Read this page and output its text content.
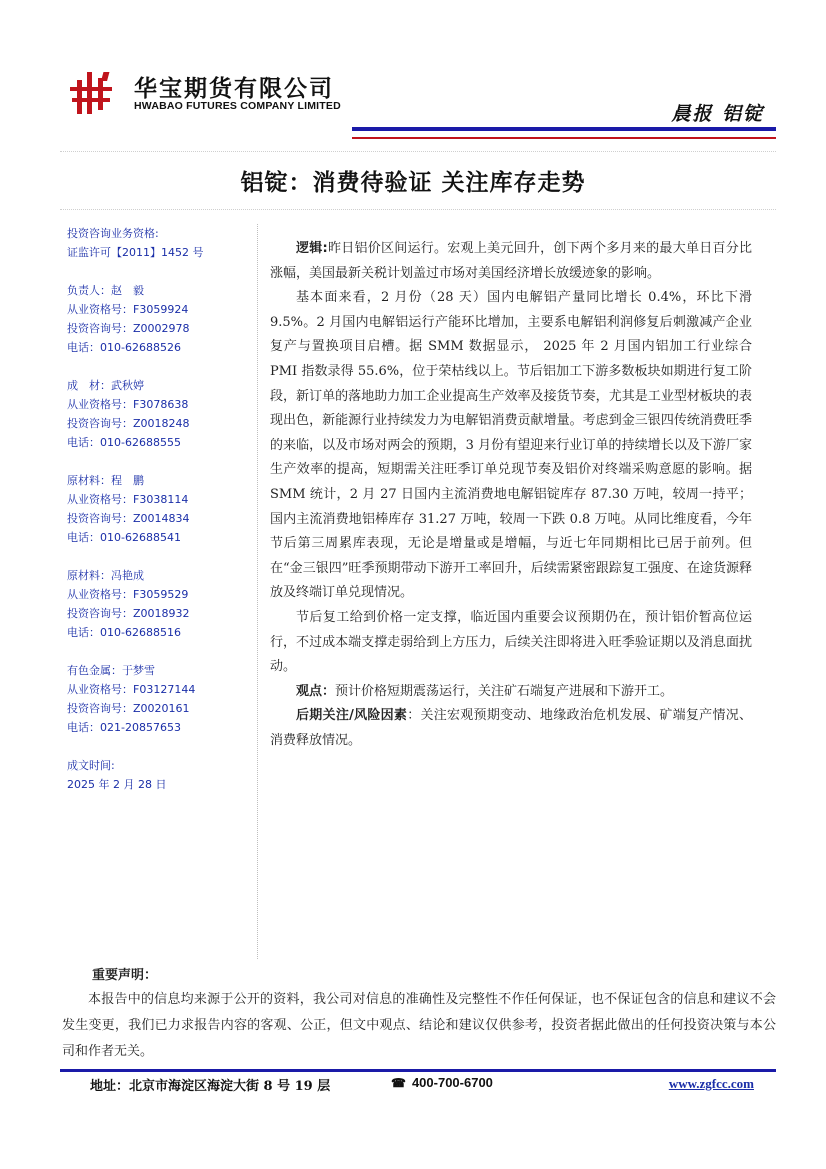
华宝期货有限公司
HWABAO FUTURES COMPANY LIMITED	晨报 铝锭
铝锭：消费待验证 关注库存走势
投资咨询业务资格:
证监许可【2011】1452 号
负责人：赵　毅
从业资格号：F3059924
投资咨询号：Z0002978
电话：010-62688526
成　材：武秋婷
从业资格号：F3078638
投资咨询号：Z0018248
电话：010-62688555
原材料：程　鹏
从业资格号：F3038114
投资咨询号：Z0014834
电话：010-62688541
原材料：冯艳成
从业资格号：F3059529
投资咨询号：Z0018932
电话：010-62688516
有色金属：于梦雪
从业资格号：F03127144
投资咨询号：Z0020161
电话：021-20857653
成文时间:
2025 年 2 月 28 日

逻辑:昨日铝价区间运行。宏观上美元回升，创下两个多月来的最大单日百分比涨幅，美国最新关税计划盖过市场对美国经济增长放缓迹象的影响。

基本面来看，2 月份（28 天）国内电解铝产量同比增长 0.4%，环比下滑 9.5%。2 月国内电解铝运行产能环比增加，主要系电解铝利润修复后刺激减产企业复产与置换项目启槽。据 SMM 数据显示， 2025 年 2 月国内铝加工行业综合 PMI 指数录得 55.6%，位于荣枯线以上。节后铝加工下游多数板块如期进行复工阶段，新订单的落地助力加工企业提高生产效率及接货节奏，尤其是工业型材板块的表现出色，新能源行业持续发力为电解铝消费贡献增量。考虑到金三银四传统消费旺季的来临，以及市场对两会的预期，3 月份有望迎来行业订单的持续增长以及下游厂家生产效率的提高，短期需关注旺季订单兑现节奏及铝价对终端采购意愿的影响。据 SMM 统计，2 月 27 日国内主流消费地电解铝锭库存 87.30 万吨，较周一持平；国内主流消费地铝棒库存 31.27 万吨，较周一下跌 0.8 万吨。从同比维度看，今年节后第三周累库表现，无论是增量或是增幅，与近七年同期相比已居于前列。但在“金三银四”旺季预期带动下游开工率回升，后续需紧密跟踪复工强度、在途货源释放及终端订单兑现情况。

节后复工给到价格一定支撑，临近国内重要会议预期仍在，预计铝价暂高位运行，不过成本端支撑走弱给到上方压力，后续关注即将进入旺季验证期以及消息面扰动。

观点：预计价格短期震荡运行，关注矿石端复产进展和下游开工。

后期关注/风险因素：关注宏观预期变动、地缘政治危机发展、矿端复产情况、消费释放情况。

重要声明：
本报告中的信息均来源于公开的资料，我公司对信息的准确性及完整性不作任何保证，也不保证包含的信息和建议不会发生变更，我们已力求报告内容的客观、公正，但文中观点、结论和建议仅供参考，投资者据此做出的任何投资决策与本公司和作者无关。
地址：北京市海淀区海淀大街 8 号 19 层	☎ 400-700-6700	www.zgfcc.com
